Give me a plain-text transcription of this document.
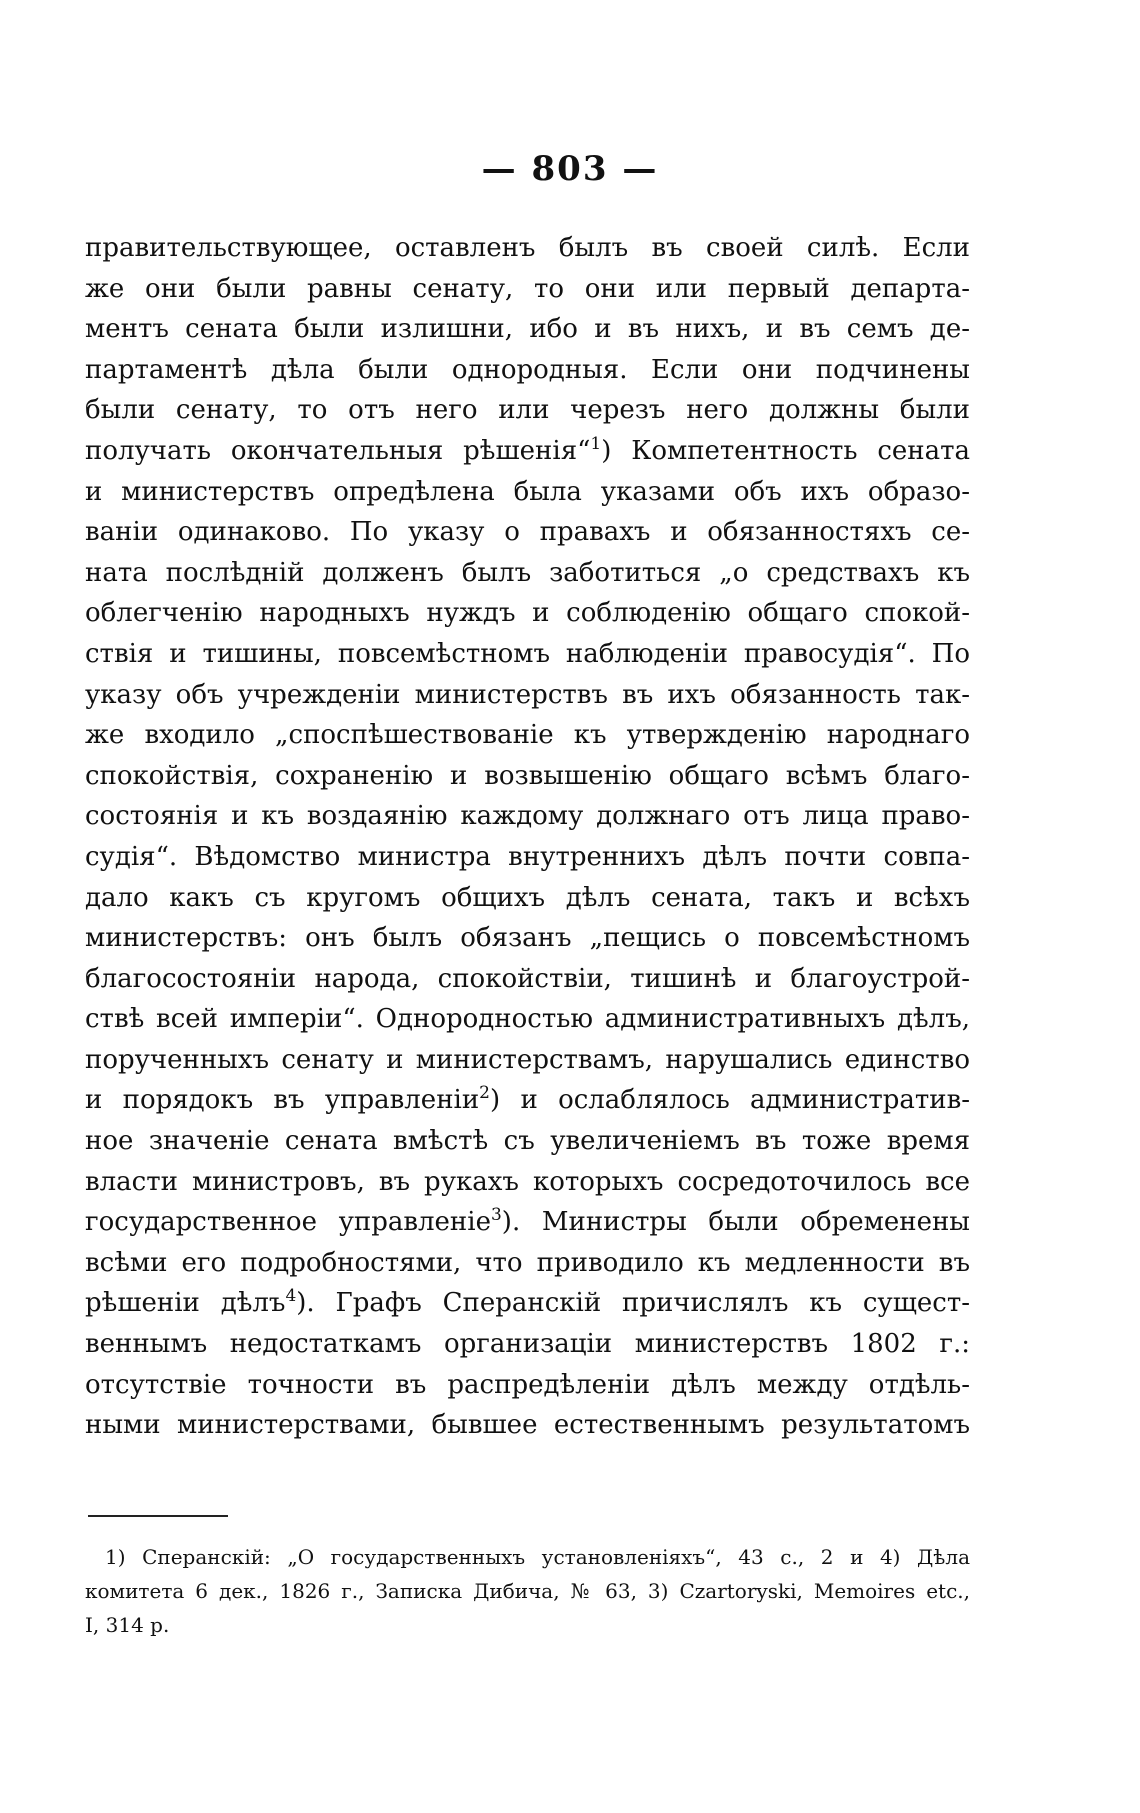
— 803 —
правительствующее, оставленъ былъ въ своей силѣ. Если
же они были равны сенату, то они или первый департа-
ментъ сената были излишни, ибо и въ нихъ, и въ семъ де-
партаментѣ дѣла были однородныя. Если они подчинены
были сенату, то отъ него или черезъ него должны были
получать окончательныя рѣшенія“$^1$) Компетентность сената
и министерствъ опредѣлена была указами объ ихъ образо-
ваніи одинаково. По указу о правахъ и обязанностяхъ се-
ната послѣдній долженъ былъ заботиться „о средствахъ къ
облегченію народныхъ нуждъ и соблюденію общаго спокой-
ствія и тишины, повсемѣстномъ наблюденіи правосудія“. По
указу объ учрежденіи министерствъ въ ихъ обязанность так-
же входило „споспѣшествованіе къ утвержденію народнаго
спокойствія, сохраненію и возвышенію общаго всѣмъ благо-
состоянія и къ воздаянію каждому должнаго отъ лица право-
судія“. Вѣдомство министра внутреннихъ дѣлъ почти совпа-
дало какъ съ кругомъ общихъ дѣлъ сената, такъ и всѣхъ
министерствъ: онъ былъ обязанъ „пещись о повсемѣстномъ
благосостояніи народа, спокойствіи, тишинѣ и благоустрой-
ствѣ всей имперіи“. Однородностью административныхъ дѣлъ,
порученныхъ сенату и министерствамъ, нарушались единство
и порядокъ въ управленіи$^2$) и ослаблялось административ-
ное значеніе сената вмѣстѣ съ увеличеніемъ въ тоже время
власти министровъ, въ рукахъ которыхъ сосредоточилось все
государственное управленіе$^3$). Министры были обременены
всѣми его подробностями, что приводило къ медленности въ
рѣшеніи дѣлъ$^4$). Графъ Сперанскій причислялъ къ сущест-
веннымъ недостаткамъ организаціи министерствъ 1802 г.:
отсутствіе точности въ распредѣленіи дѣлъ между отдѣль-
ными министерствами, бывшее естественнымъ результатомъ
1) Сперанскій: „О государственныхъ установленіяхъ“, 43 с., 2 и 4) Дѣла
комитета 6 дек., 1826 г., Записка Дибича, № 63, 3) Czartoryski, Memoires etc.,
I, 314 p.
